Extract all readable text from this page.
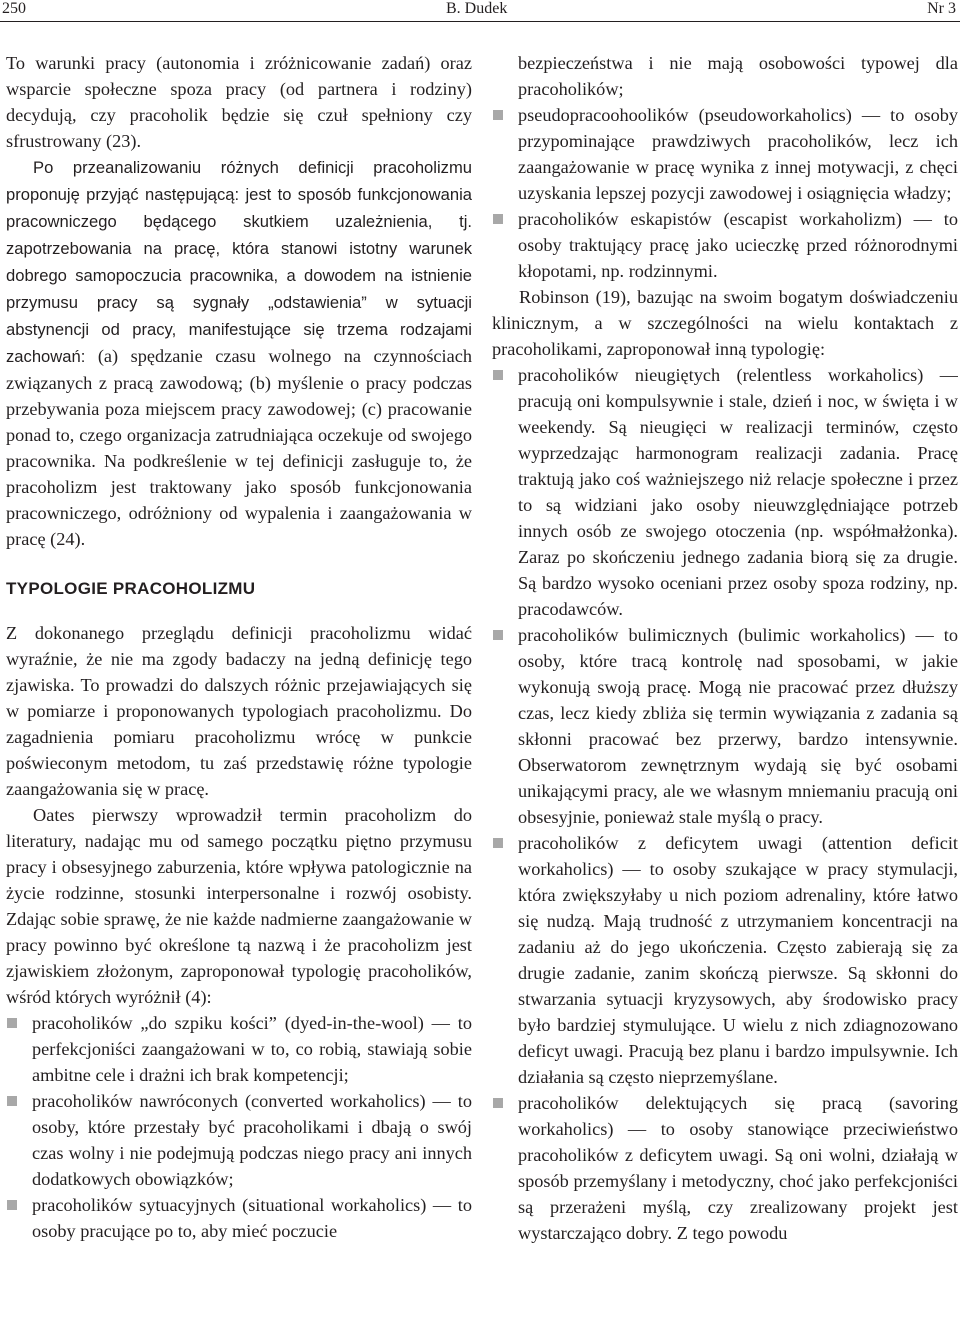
250	B. Dudek	Nr 3

To warunki pracy (autonomia i zróżnicowanie zadań) oraz wsparcie społeczne spoza pracy (od partnera i rodziny) decydują, czy pracoholik będzie się czuł spełniony czy sfrustrowany (23).

Po przeanalizowaniu różnych definicji pracoholizmu proponuję przyjąć następującą: jest to sposób funkcjonowania pracowniczego będącego skutkiem uzależnienia, tj. zapotrzebowania na pracę, która stanowi istotny warunek dobrego samopoczucia pracownika, a dowodem na istnienie przymusu pracy są sygnały „odstawienia” w sytuacji abstynencji od pracy, manifestujące się trzema rodzajami zachowań: (a) spędzanie czasu wolnego na czynnościach związanych z pracą zawodową; (b) myślenie o pracy podczas przebywania poza miejscem pracy zawodowej; (c) pracowanie ponad to, czego organizacja zatrudniająca oczekuje od swojego pracownika. Na podkreślenie w tej definicji zasługuje to, że pracoholizm jest traktowany jako sposób funkcjonowania pracowniczego, odróżniony od wypalenia i zaangażowania w pracę (24).

TYPOLOGIE PRACOHOLIZMU

Z dokonanego przeglądu definicji pracoholizmu widać wyraźnie, że nie ma zgody badaczy na jedną definicję tego zjawiska. To prowadzi do dalszych różnic przejawiających się w pomiarze i proponowanych typologiach pracoholizmu. Do zagadnienia pomiaru pracoholizmu wrócę w punkcie poświeconym metodom, tu zaś przedstawię różne typologie zaangażowania się w pracę.

Oates pierwszy wprowadził termin pracoholizm do literatury, nadając mu od samego początku piętno przymusu pracy i obsesyjnego zaburzenia, które wpływa patologicznie na życie rodzinne, stosunki interpersonalne i rozwój osobisty. Zdając sobie sprawę, że nie każde nadmierne zaangażowanie w pracy powinno być określone tą nazwą i że pracoholizm jest zjawiskiem złożonym, zaproponował typologię pracoholików, wśród których wyróżnił (4):

pracoholików „do szpiku kości” (dyed-in-the-wool) — to perfekcjoniści zaangażowani w to, co robią, stawiają sobie ambitne cele i drażni ich brak kompetencji;
pracoholików nawróconych (converted workaholics) — to osoby, które przestały być pracoholikami i dbają o swój czas wolny i nie podejmują podczas niego pracy ani innych dodatkowych obowiązków;
pracoholików sytuacyjnych (situational workaholics) — to osoby pracujące po to, aby mieć poczucie
bezpieczeństwa i nie mają osobowości typowej dla pracoholików;
pseudopracoohoolików (pseudoworkaholics) — to osoby przypominające prawdziwych pracoholików, lecz ich zaangażowanie w pracę wynika z innej motywacji, z chęci uzyskania lepszej pozycji zawodowej i osiągnięcia władzy;
pracoholików eskapistów (escapist workaholizm) — to osoby traktujący pracę jako ucieczkę przed różnorodnymi kłopotami, np. rodzinnymi.

Robinson (19), bazując na swoim bogatym doświadczeniu klinicznym, a w szczególności na wielu kontaktach z pracoholikami, zaproponował inną typologię:

pracoholików nieugiętych (relentless workaholics) — pracują oni kompulsywnie i stale, dzień i noc, w święta i w weekendy. Są nieugięci w realizacji terminów, często wyprzedzając harmonogram realizacji zadania. Pracę traktują jako coś ważniejszego niż relacje społeczne i przez to są widziani jako osoby nieuwzględniające potrzeb innych osób ze swojego otoczenia (np. współmałżonka). Zaraz po skończeniu jednego zadania biorą się za drugie. Są bardzo wysoko oceniani przez osoby spoza rodziny, np. pracodawców.
pracoholików bulimicznych (bulimic workaholics) — to osoby, które tracą kontrolę nad sposobami, w jakie wykonują swoją pracę. Mogą nie pracować przez dłuższy czas, lecz kiedy zbliża się termin wywiązania z zadania są skłonni pracować bez przerwy, bardzo intensywnie. Obserwatorom zewnętrznym wydają się być osobami unikającymi pracy, ale we własnym mniemaniu pracują oni obsesyjnie, ponieważ stale myślą o pracy.
pracoholików z deficytem uwagi (attention deficit workaholics) — to osoby szukające w pracy stymulacji, która zwiększyłaby u nich poziom adrenaliny, które łatwo się nudzą. Mają trudność z utrzymaniem koncentracji na zadaniu aż do jego ukończenia. Często zabierają się za drugie zadanie, zanim skończą pierwsze. Są skłonni do stwarzania sytuacji kryzysowych, aby środowisko pracy było bardziej stymulujące. U wielu z nich zdiagnozowano deficyt uwagi. Pracują bez planu i bardzo impulsywnie. Ich działania są często nieprzemyślane.
pracoholików delektujących się pracą (savoring workaholics) — to osoby stanowiące przeciwieństwo pracoholików z deficytem uwagi. Są oni wolni, działają w sposób przemyślany i metodyczny, choć jako perfekcjoniści są przerażeni myślą, czy zrealizowany projekt jest wystarczająco dobry. Z tego powodu
